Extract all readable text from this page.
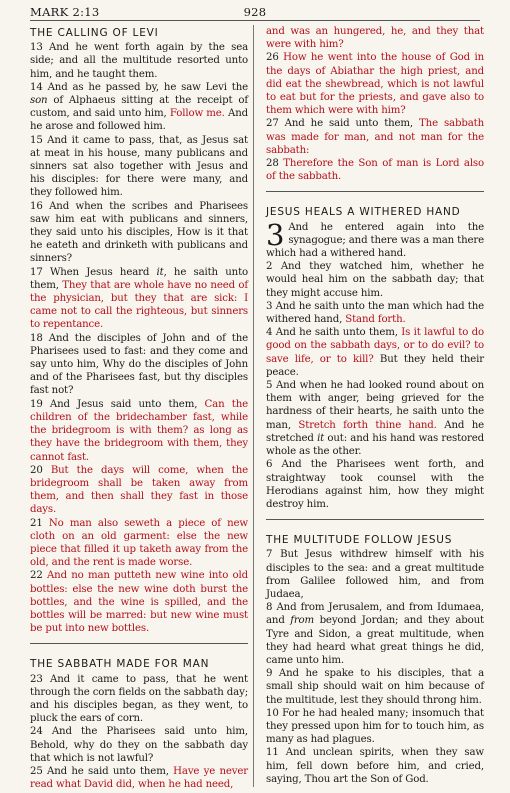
MARK 2:13	928
THE CALLING OF LEVI

13 And he went forth again by the sea side; and all the multitude resorted unto him, and he taught them.

14 And as he passed by, he saw Levi the son of Alphaeus sitting at the receipt of custom, and said unto him, Follow me. And he arose and followed him.

15 And it came to pass, that, as Jesus sat at meat in his house, many publicans and sinners sat also together with Jesus and his disciples: for there were many, and they followed him.

16 And when the scribes and Pharisees saw him eat with publicans and sinners, they said unto his disciples, How is it that he eateth and drinketh with publicans and sinners?

17 When Jesus heard it, he saith unto them, They that are whole have no need of the physician, but they that are sick: I came not to call the righteous, but sinners to repentance.

18 And the disciples of John and of the Pharisees used to fast: and they come and say unto him, Why do the disciples of John and of the Pharisees fast, but thy disciples fast not?

19 And Jesus said unto them, Can the children of the bridechamber fast, while the bridegroom is with them? as long as they have the bridegroom with them, they cannot fast.

20 But the days will come, when the bridegroom shall be taken away from them, and then shall they fast in those days.

21 No man also seweth a piece of new cloth on an old garment: else the new piece that filled it up taketh away from the old, and the rent is made worse.

22 And no man putteth new wine into old bottles: else the new wine doth burst the bottles, and the wine is spilled, and the bottles will be marred: but new wine must be put into new bottles.

THE SABBATH MADE FOR MAN

23 And it came to pass, that he went through the corn fields on the sabbath day; and his disciples began, as they went, to pluck the ears of corn.

24 And the Pharisees said unto him, Behold, why do they on the sabbath day that which is not lawful?

25 And he said unto them, Have ye never read what David did, when he had need,

and was an hungered, he, and they that were with him?

26 How he went into the house of God in the days of Abiathar the high priest, and did eat the shewbread, which is not lawful to eat but for the priests, and gave also to them which were with him?

27 And he said unto them, The sabbath was made for man, and not man for the sabbath:

28 Therefore the Son of man is Lord also of the sabbath.

JESUS HEALS A WITHERED HAND

3 And he entered again into the synagogue; and there was a man there which had a withered hand.

2 And they watched him, whether he would heal him on the sabbath day; that they might accuse him.

3 And he saith unto the man which had the withered hand, Stand forth.

4 And he saith unto them, Is it lawful to do good on the sabbath days, or to do evil? to save life, or to kill? But they held their peace.

5 And when he had looked round about on them with anger, being grieved for the hardness of their hearts, he saith unto the man, Stretch forth thine hand. And he stretched it out: and his hand was restored whole as the other.

6 And the Pharisees went forth, and straightway took counsel with the Herodians against him, how they might destroy him.

THE MULTITUDE FOLLOW JESUS

7 But Jesus withdrew himself with his disciples to the sea: and a great multitude from Galilee followed him, and from Judaea,

8 And from Jerusalem, and from Idumaea, and from beyond Jordan; and they about Tyre and Sidon, a great multitude, when they had heard what great things he did, came unto him.

9 And he spake to his disciples, that a small ship should wait on him because of the multitude, lest they should throng him.

10 For he had healed many; insomuch that they pressed upon him for to touch him, as many as had plagues.

11 And unclean spirits, when they saw him, fell down before him, and cried, saying, Thou art the Son of God.
